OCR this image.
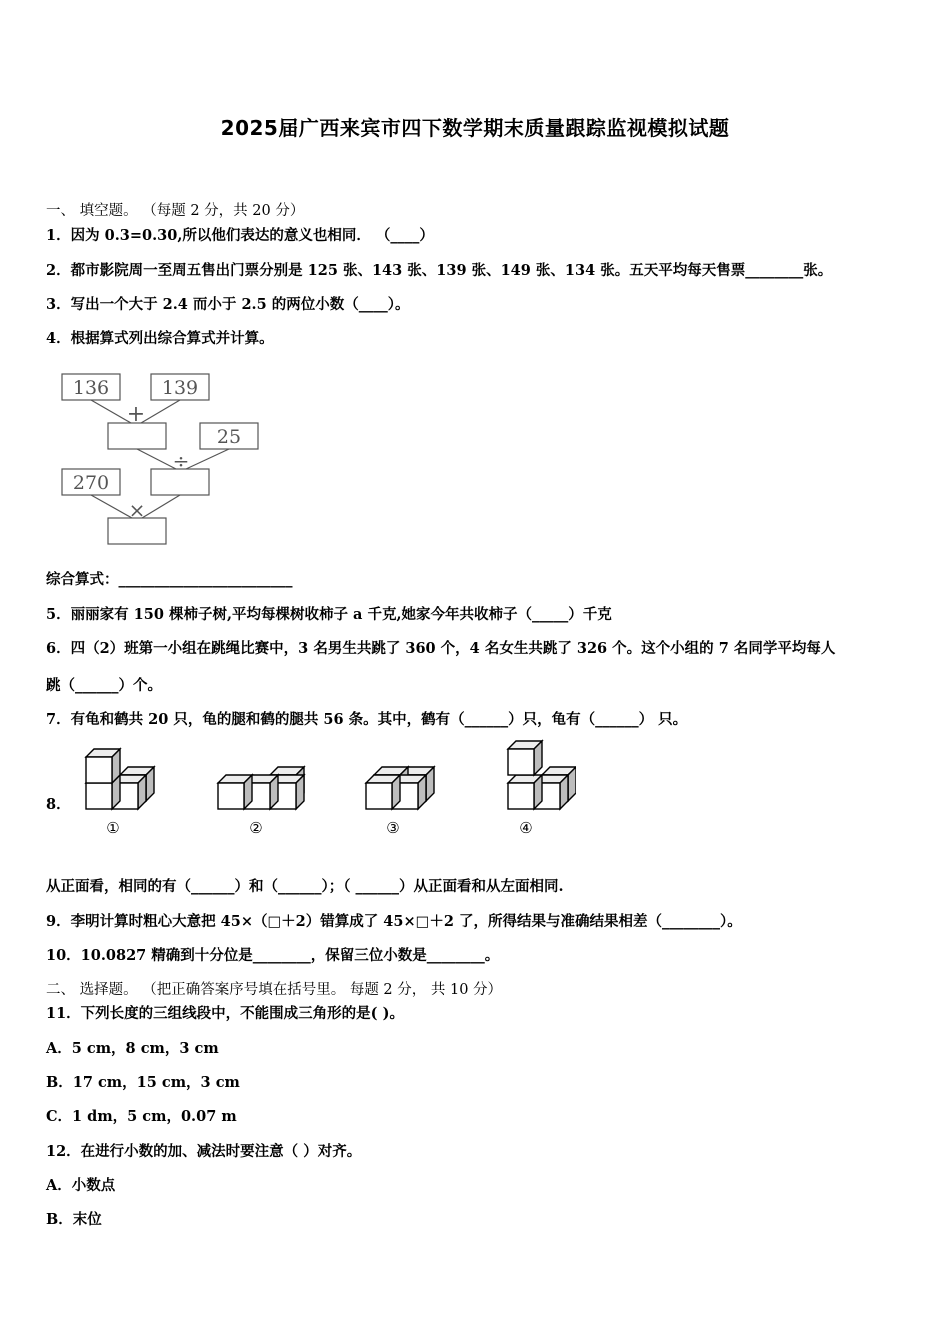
2025届广西来宾市四下数学期末质量跟踪监视模拟试题
一、 填空题。 （每题 2 分，共 20 分）
1．因为 0.3=0.30,所以他们表达的意义也相同． （____）
2．都市影院周一至周五售出门票分别是 125 张、143 张、139 张、149 张、134 张。五天平均每天售票________张。
3．写出一个大于 2.4 而小于 2.5 的两位小数（____）。
4．根据算式列出综合算式并计算。
136	139
25
270
+
÷
×
综合算式：________________________
5．丽丽家有 150 棵柿子树,平均每棵树收柿子 a 千克,她家今年共收柿子（_____）千克
6．四（2）班第一小组在跳绳比赛中，3 名男生共跳了 360 个，4 名女生共跳了 326 个。这个小组的 7 名同学平均每人
跳（______）个。
7．有龟和鹤共 20 只，龟的腿和鹤的腿共 56 条。其中，鹤有（______）只，龟有（______） 只。
8．
①	②	③	④
从正面看，相同的有（______）和（______）；（ ______）从正面看和从左面相同.
9．李明计算时粗心大意把 45×（□＋2）错算成了 45×□＋2 了，所得结果与准确结果相差（________）。
10．10.0827 精确到十分位是________，保留三位小数是________。
二、 选择题。 （把正确答案序号填在括号里。 每题 2 分， 共 10 分）
11．下列长度的三组线段中，不能围成三角形的是( )。
A．5 cm，8 cm，3 cm
B．17 cm，15 cm，3 cm
C．1 dm，5 cm，0.07 m
12．在进行小数的加、减法时要注意（ ）对齐。
A．小数点
B．末位
